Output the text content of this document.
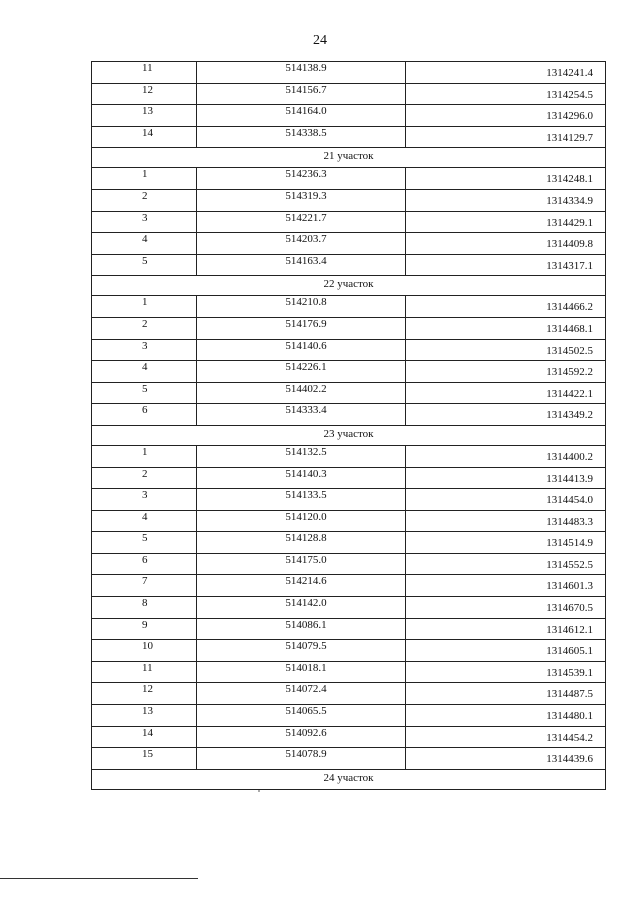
24
11	514138.9	1314241.4
12	514156.7	1314254.5
13	514164.0	1314296.0
14	514338.5	1314129.7
21 участок		
1	514236.3	1314248.1
2	514319.3	1314334.9
3	514221.7	1314429.1
4	514203.7	1314409.8
5	514163.4	1314317.1
22 участок		
1	514210.8	1314466.2
2	514176.9	1314468.1
3	514140.6	1314502.5
4	514226.1	1314592.2
5	514402.2	1314422.1
6	514333.4	1314349.2
23 участок		
1	514132.5	1314400.2
2	514140.3	1314413.9
3	514133.5	1314454.0
4	514120.0	1314483.3
5	514128.8	1314514.9
6	514175.0	1314552.5
7	514214.6	1314601.3
8	514142.0	1314670.5
9	514086.1	1314612.1
10	514079.5	1314605.1
11	514018.1	1314539.1
12	514072.4	1314487.5
13	514065.5	1314480.1
14	514092.6	1314454.2
15	514078.9	1314439.6
24 участок		
